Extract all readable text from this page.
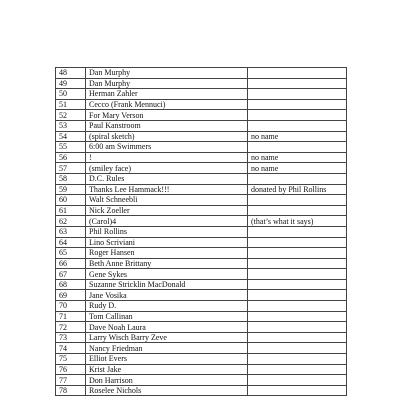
48	Dan Murphy	
49	Dan Murphy	
50	Herman Zahler	
51	Cecco (Frank Mennuci)	
52	For Mary Verson	
53	Paul Kanstroom	
54	(spiral sketch)	no name
55	6:00 am Swimmers	
56	!	no name
57	(smiley face)	no name
58	D.C. Rules	
59	Thanks Lee Hammack!!!	donated by Phil Rollins
60	Walt Schneebli	
61	Nick Zoeller	
62	(Carol)4	(that’s what it says)
63	Phil Rollins	
64	Lino Scriviani	
65	Roger Hansen	
66	Beth Anne Brittany	
67	Gene Sykes	
68	Suzanne Stricklin MacDonald	
69	Jane Vosika	
70	Rudy D.	
71	Tom Callinan	
72	Dave Noah Laura	
73	Larry Wisch Barry Zeve	
74	Nancy Friedman	
75	Elliot Evers	
76	Krist Jake	
77	Don Harrison	
78	Roselee Nichols	
